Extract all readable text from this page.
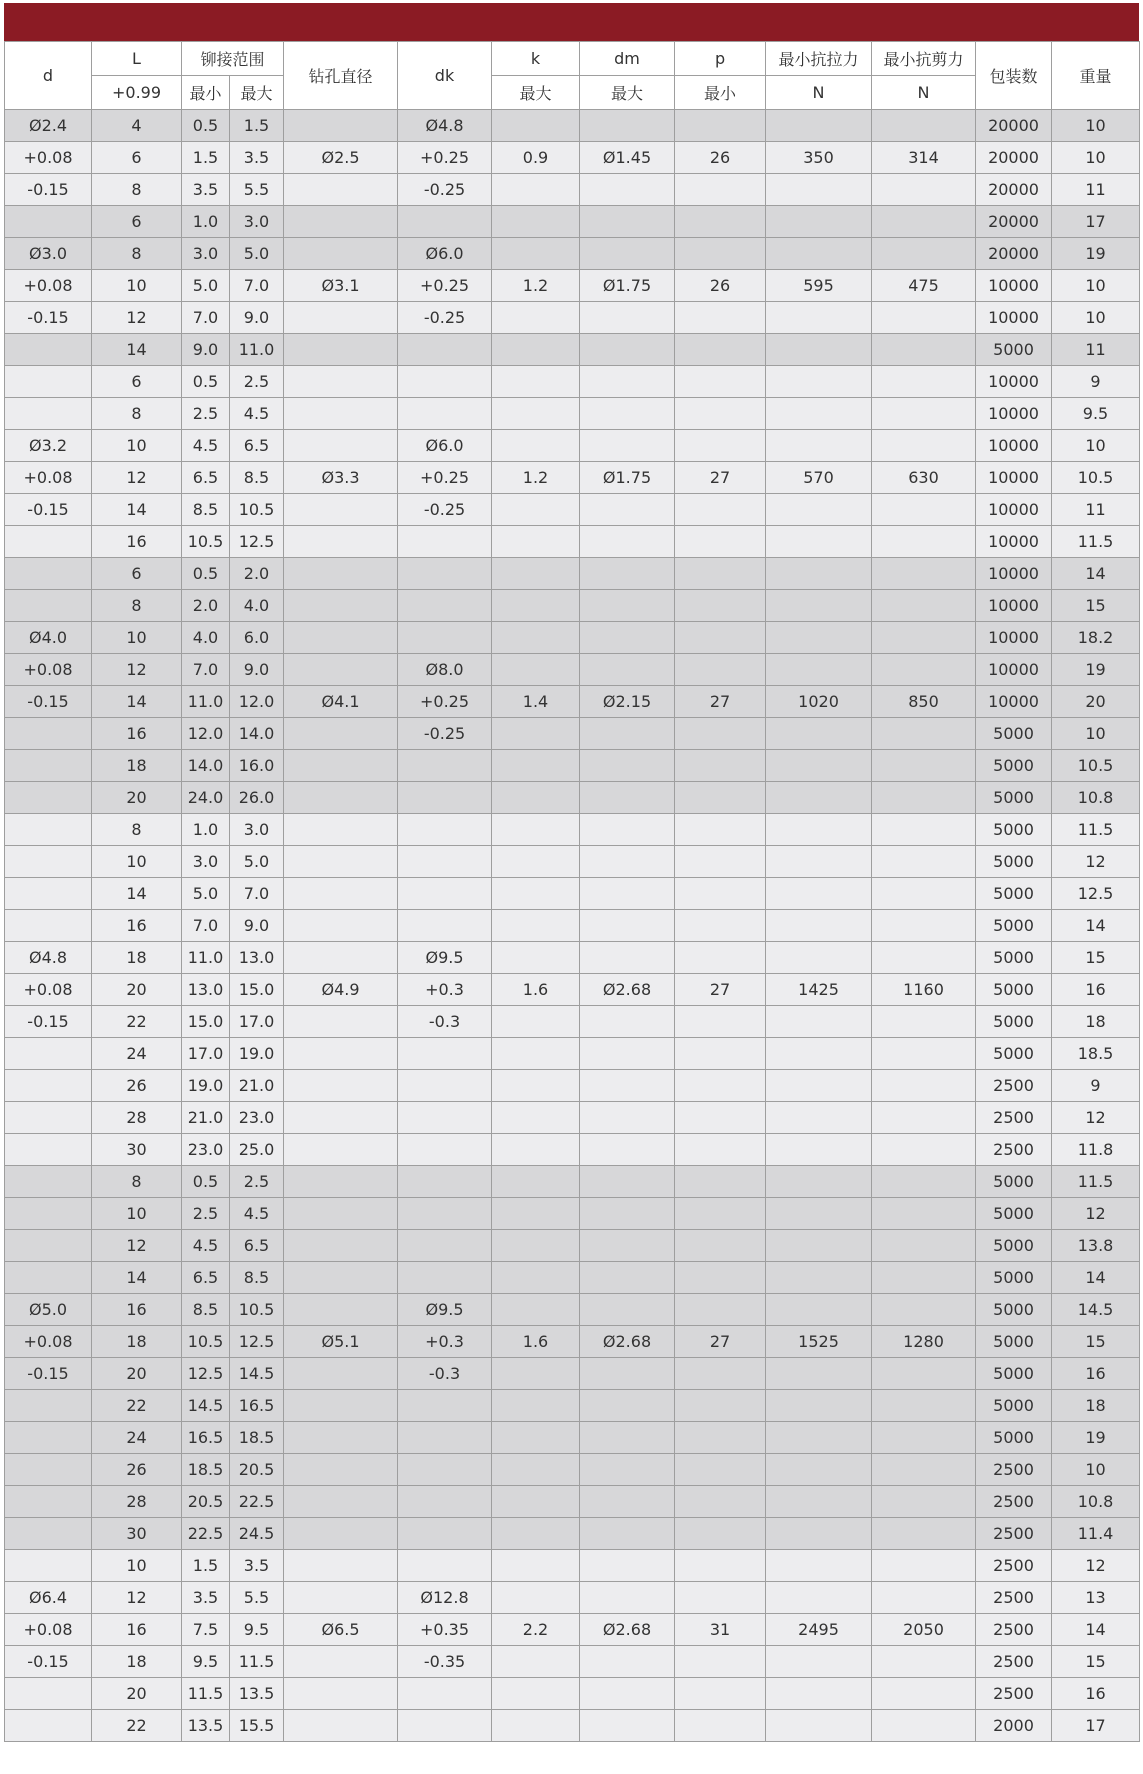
d	L	铆接范围		钻孔直径	dk	k	dm	p	最小抗拉力	最小抗剪力	包装数	重量
	+0.99	最小	最大			最大	最大	最小	N	N		
Ø2.4	4	0.5	1.5		Ø4.8						20000	10
+0.08	6	1.5	3.5	Ø2.5	+0.25	0.9	Ø1.45	26	350	314	20000	10
-0.15	8	3.5	5.5		-0.25						20000	11
	6	1.0	3.0								20000	17
Ø3.0	8	3.0	5.0		Ø6.0						20000	19
+0.08	10	5.0	7.0	Ø3.1	+0.25	1.2	Ø1.75	26	595	475	10000	10
-0.15	12	7.0	9.0		-0.25						10000	10
	14	9.0	11.0								5000	11
	6	0.5	2.5								10000	9
	8	2.5	4.5								10000	9.5
Ø3.2	10	4.5	6.5		Ø6.0						10000	10
+0.08	12	6.5	8.5	Ø3.3	+0.25	1.2	Ø1.75	27	570	630	10000	10.5
-0.15	14	8.5	10.5		-0.25						10000	11
	16	10.5	12.5								10000	11.5
	6	0.5	2.0								10000	14
	8	2.0	4.0								10000	15
Ø4.0	10	4.0	6.0								10000	18.2
+0.08	12	7.0	9.0		Ø8.0						10000	19
-0.15	14	11.0	12.0	Ø4.1	+0.25	1.4	Ø2.15	27	1020	850	10000	20
	16	12.0	14.0		-0.25						5000	10
	18	14.0	16.0								5000	10.5
	20	24.0	26.0								5000	10.8
	8	1.0	3.0								5000	11.5
	10	3.0	5.0								5000	12
	14	5.0	7.0								5000	12.5
	16	7.0	9.0								5000	14
Ø4.8	18	11.0	13.0		Ø9.5						5000	15
+0.08	20	13.0	15.0	Ø4.9	+0.3	1.6	Ø2.68	27	1425	1160	5000	16
-0.15	22	15.0	17.0		-0.3						5000	18
	24	17.0	19.0								5000	18.5
	26	19.0	21.0								2500	9
	28	21.0	23.0								2500	12
	30	23.0	25.0								2500	11.8
	8	0.5	2.5								5000	11.5
	10	2.5	4.5								5000	12
	12	4.5	6.5								5000	13.8
	14	6.5	8.5								5000	14
Ø5.0	16	8.5	10.5		Ø9.5						5000	14.5
+0.08	18	10.5	12.5	Ø5.1	+0.3	1.6	Ø2.68	27	1525	1280	5000	15
-0.15	20	12.5	14.5		-0.3						5000	16
	22	14.5	16.5								5000	18
	24	16.5	18.5								5000	19
	26	18.5	20.5								2500	10
	28	20.5	22.5								2500	10.8
	30	22.5	24.5								2500	11.4
	10	1.5	3.5								2500	12
Ø6.4	12	3.5	5.5		Ø12.8						2500	13
+0.08	16	7.5	9.5	Ø6.5	+0.35	2.2	Ø2.68	31	2495	2050	2500	14
-0.15	18	9.5	11.5		-0.35						2500	15
	20	11.5	13.5								2500	16
	22	13.5	15.5								2000	17
